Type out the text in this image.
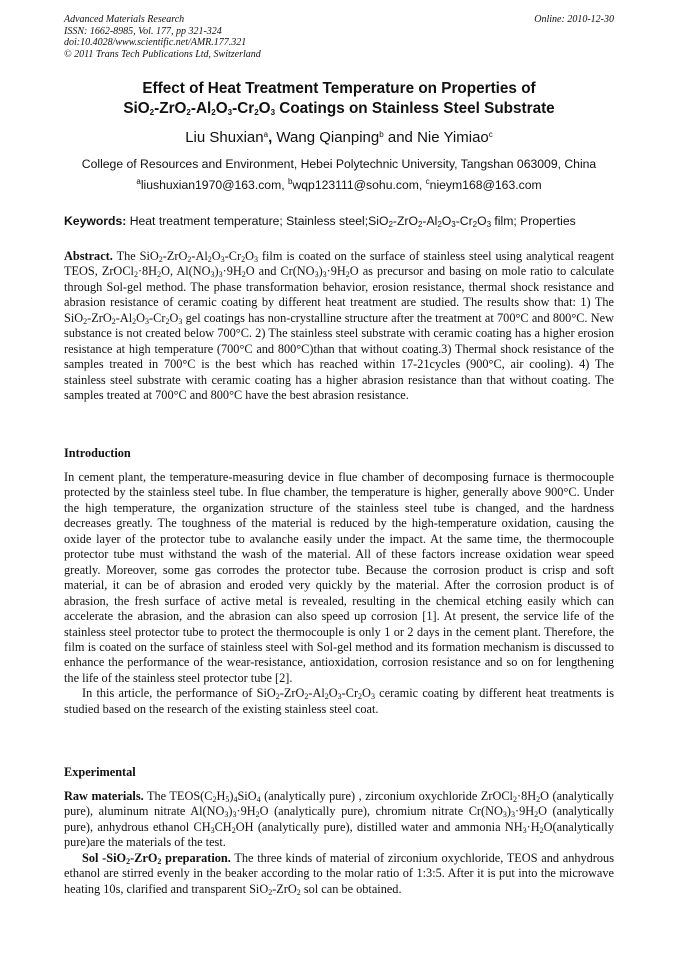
Advanced Materials Research
ISSN: 1662-8985, Vol. 177, pp 321-324
doi:10.4028/www.scientific.net/AMR.177.321
© 2011 Trans Tech Publications Ltd, Switzerland
Online: 2010-12-30
Effect of Heat Treatment Temperature on Properties of
$SiO_2-ZrO_2-Al_2O_3-Cr_2O_3$ Coatings on Stainless Steel Substrate
Liu Shuxian$^a$, Wang Qianping$^b$ and Nie Yimiao$^c$
College of Resources and Environment, Hebei Polytechnic University, Tangshan 063009, China
$^a$liushuxian1970@163.com, $^b$wqp123111@sohu.com, $^c$nieym168@163.com
Keywords: Heat treatment temperature; Stainless $steel;SiO_2-ZrO_2-Al_2O_3-Cr_2O_3$ film; Properties

Abstract. The $SiO_2-ZrO_2-Al_2O_3-Cr_2O_3$ film is coated on the surface of stainless steel using analytical reagent TEOS, $ZrOCl_2\cdot 8H_2O$, $Al(NO_3)_3\cdot 9H_2O$ and $Cr(NO_3)_3\cdot 9H_2O$ as precursor and basing on mole ratio to calculate through Sol-gel method. The phase transformation behavior, erosion resistance, thermal shock resistance and abrasion resistance of ceramic coating by different heat treatment are studied. The results show that: 1) The $SiO_2-ZrO_2-Al_2O_3-Cr_2O_3$ gel coatings has non-crystalline structure after the treatment at 700°C and 800°C. New substance is not created below 700°C. 2) The stainless steel substrate with ceramic coating has a higher erosion resistance at high temperature (700°C and 800°C)than that without coating.3) Thermal shock resistance of the samples treated in 700°C is the best which has reached within 17-21cycles (900°C, air cooling). 4) The stainless steel substrate with ceramic coating has a higher abrasion resistance than that without coating. The samples treated at 700°C and 800°C have the best abrasion resistance.

Introduction

In cement plant, the temperature-measuring device in flue chamber of decomposing furnace is thermocouple protected by the stainless steel tube. In flue chamber, the temperature is higher, generally above 900°C. Under the high temperature, the organization structure of the stainless steel tube is changed, and the hardness decreases greatly. The toughness of the material is reduced by the high-temperature oxidation, causing the oxide layer of the protector tube to avalanche easily under the impact. At the same time, the thermocouple protector tube must withstand the wash of the material. All of these factors increase oxidation wear speed greatly. Moreover, some gas corrodes the protector tube. Because the corrosion product is crisp and soft material, it can be of abrasion and eroded very quickly by the material. After the corrosion product is of abrasion, the fresh surface of active metal is revealed, resulting in the chemical etching easily which can accelerate the abrasion, and the abrasion can also speed up corrosion [1]. At present, the service life of the stainless steel protector tube to protect the thermocouple is only 1 or 2 days in the cement plant. Therefore, the film is coated on the surface of stainless steel with Sol-gel method and its formation mechanism is discussed to enhance the performance of the wear-resistance, antioxidation, corrosion resistance and so on for lengthening the life of the stainless steel protector tube [2].

In this article, the performance of $SiO_2-ZrO_2-Al_2O_3-Cr_2O_3$ ceramic coating by different heat treatments is studied based on the research of the existing stainless steel coat.

Experimental

Raw materials. The $TEOS(C_2H_5)_4SiO_4$ (analytically pure) , zirconium oxychloride $ZrOCl_2\cdot 8H_2O$ (analytically pure), aluminum nitrate $Al(NO_3)_3\cdot 9H_2O$ (analytically pure), chromium nitrate $Cr(NO_3)_3\cdot 9H_2O$ (analytically pure), anhydrous ethanol $CH_3CH_2OH$ (analytically pure), distilled water and ammonia $NH_3\cdot H_2O(analytically$ pure)are the materials of the test.

Sol -SiO$_2$-ZrO$_2$ preparation. The three kinds of material of zirconium oxychloride, TEOS and anhydrous ethanol are stirred evenly in the beaker according to the molar ratio of 1:3:5. After it is put into the microwave heating 10s, clarified and transparent SiO$_2$-ZrO$_2$ sol can be obtained.
